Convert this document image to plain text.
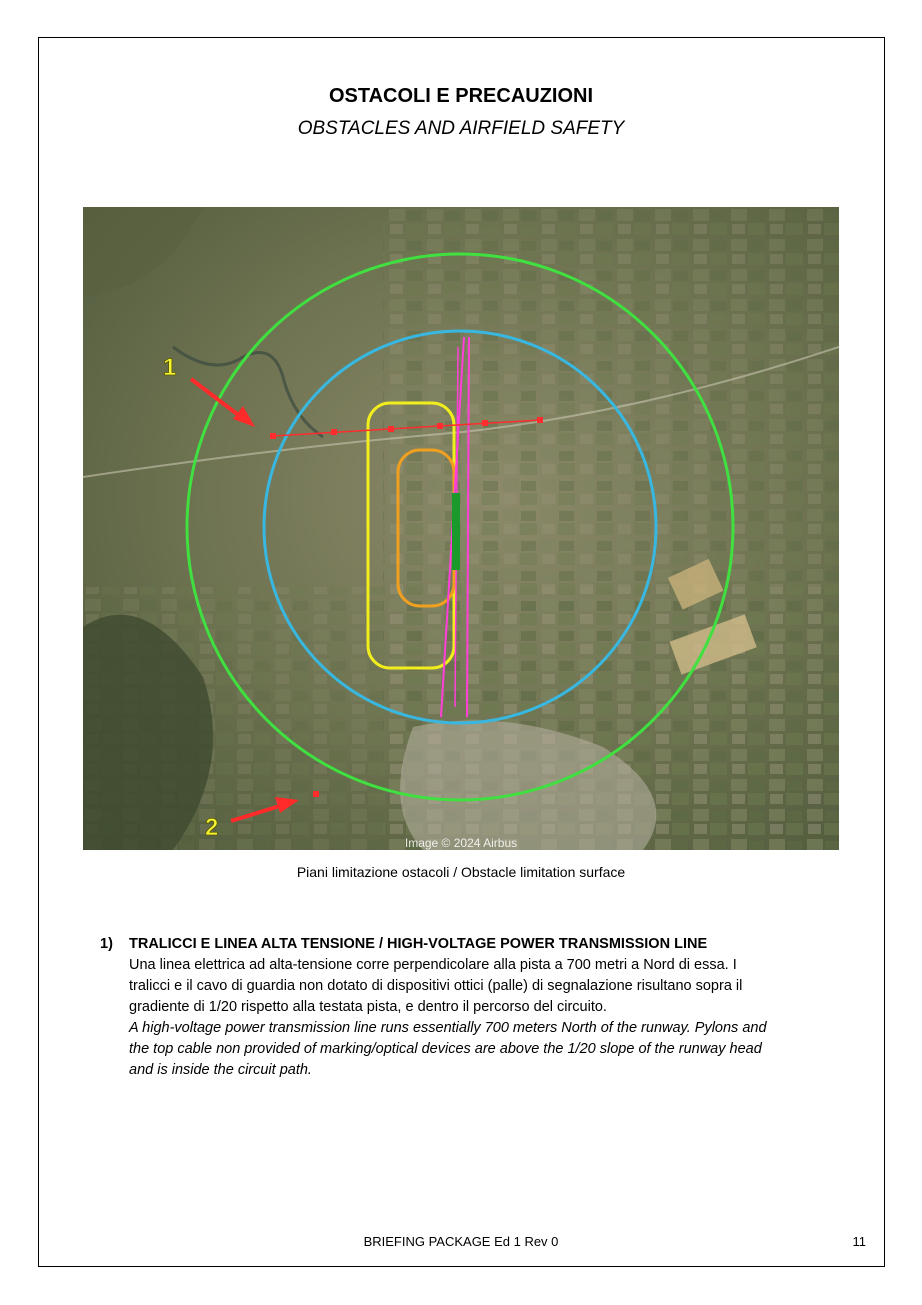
OSTACOLI E PRECAUZIONI
OBSTACLES AND AIRFIELD SAFETY
1
2
Image © 2024 Airbus
Piani limitazione ostacoli / Obstacle limitation surface
1) TRALICCI E LINEA ALTA TENSIONE / HIGH-VOLTAGE POWER TRANSMISSION LINE

Una linea elettrica ad alta-tensione corre perpendicolare alla pista a 700 metri a Nord di essa. I

tralicci e il cavo di guardia non dotato di dispositivi ottici (palle) di segnalazione risultano sopra il

gradiente di 1/20 rispetto alla testata pista, e dentro il percorso del circuito.

A high-voltage power transmission line runs essentially 700 meters North of the runway. Pylons and

the top cable non provided of marking/optical devices are above the 1/20 slope of the runway head

and is inside the circuit path.

BRIEFING PACKAGE Ed 1 Rev 0	11
